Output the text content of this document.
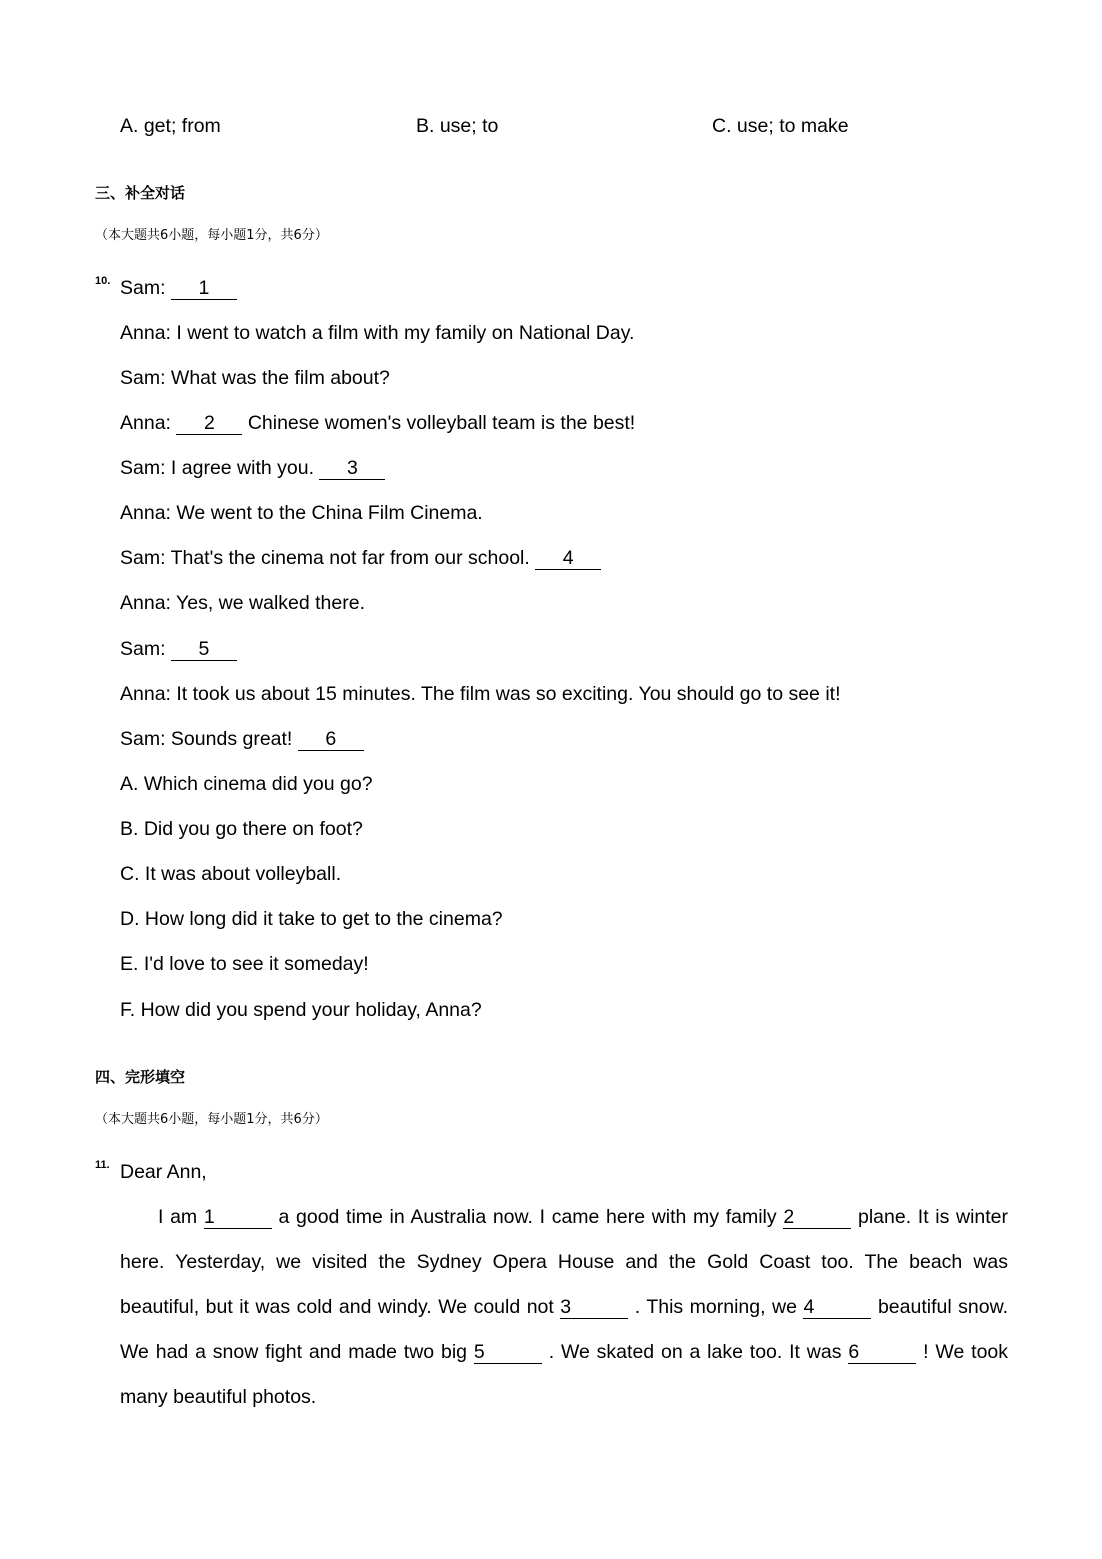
A. get; from	B. use; to	C. use; to make
三、补全对话
（本大题共6小题，每小题1分，共6分）
10. Sam: 1
Anna: I went to watch a film with my family on National Day.
Sam: What was the film about?
Anna: 2 Chinese women's volleyball team is the best!
Sam: I agree with you. 3
Anna: We went to the China Film Cinema.
Sam: That's the cinema not far from our school. 4
Anna: Yes, we walked there.
Sam: 5
Anna: It took us about 15 minutes. The film was so exciting. You should go to see it!
Sam: Sounds great! 6
A. Which cinema did you go?
B. Did you go there on foot?
C. It was about volleyball.
D. How long did it take to get to the cinema?
E. I'd love to see it someday!
F. How did you spend your holiday, Anna?
四、完形填空
（本大题共6小题，每小题1分，共6分）
11. Dear Ann,
I am 1	a good time in Australia now. I came here with my family 2	plane. It is winter
here. Yesterday, we visited the Sydney Opera House and the Gold Coast too. The beach was
beautiful, but it was cold and windy. We could not 3	. This morning, we 4	beautiful snow.
We had a snow fight and made two big 5	. We skated on a lake too. It was 6	! We took
many beautiful photos.
